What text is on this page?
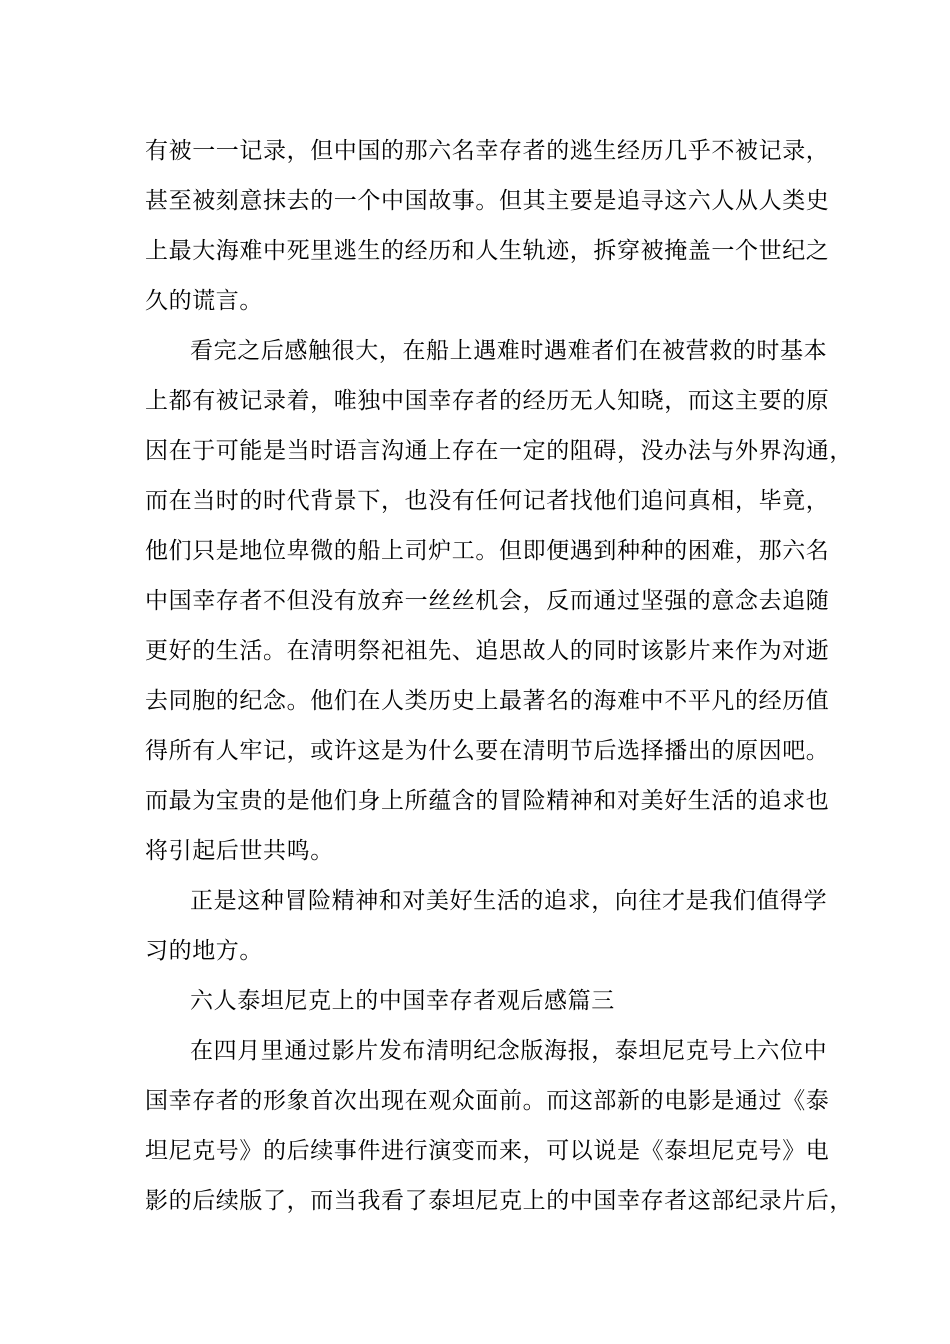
有被一一记录，但中国的那六名幸存者的逃生经历几乎不被记录，

甚至被刻意抹去的一个中国故事。但其主要是追寻这六人从人类史

上最大海难中死里逃生的经历和人生轨迹，拆穿被掩盖一个世纪之

久的谎言。

看完之后感触很大，在船上遇难时遇难者们在被营救的时基本

上都有被记录着，唯独中国幸存者的经历无人知晓，而这主要的原

因在于可能是当时语言沟通上存在一定的阻碍，没办法与外界沟通，

而在当时的时代背景下，也没有任何记者找他们追问真相，毕竟，

他们只是地位卑微的船上司炉工。但即便遇到种种的困难，那六名

中国幸存者不但没有放弃一丝丝机会，反而通过坚强的意念去追随

更好的生活。在清明祭祀祖先、追思故人的同时该影片来作为对逝

去同胞的纪念。他们在人类历史上最著名的海难中不平凡的经历值

得所有人牢记，或许这是为什么要在清明节后选择播出的原因吧。

而最为宝贵的是他们身上所蕴含的冒险精神和对美好生活的追求也

将引起后世共鸣。

正是这种冒险精神和对美好生活的追求，向往才是我们值得学

习的地方。

六人泰坦尼克上的中国幸存者观后感篇三

在四月里通过影片发布清明纪念版海报，泰坦尼克号上六位中

国幸存者的形象首次出现在观众面前。而这部新的电影是通过《泰

坦尼克号》的后续事件进行演变而来，可以说是《泰坦尼克号》电

影的后续版了，而当我看了泰坦尼克上的中国幸存者这部纪录片后，
